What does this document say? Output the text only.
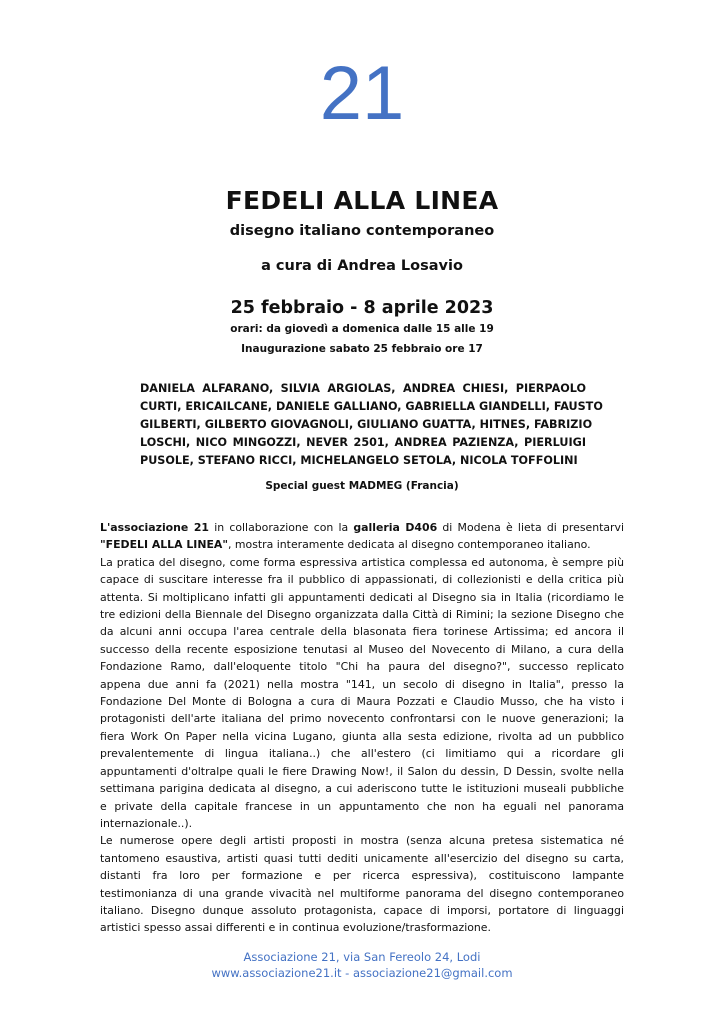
21
FEDELI ALLA LINEA
disegno italiano contemporaneo
a cura di Andrea Losavio
25 febbraio - 8 aprile 2023
orari: da giovedì a domenica dalle 15 alle 19
Inaugurazione sabato 25 febbraio ore 17
DANIELA ALFARANO, SILVIA ARGIOLAS, ANDREA CHIESI, PIERPAOLO
CURTI, ERICAILCANE, DANIELE GALLIANO, GABRIELLA GIANDELLI, FAUSTO
GILBERTI, GILBERTO GIOVAGNOLI, GIULIANO GUATTA, HITNES, FABRIZIO
LOSCHI, NICO MINGOZZI, NEVER 2501, ANDREA PAZIENZA, PIERLUIGI
PUSOLE, STEFANO RICCI, MICHELANGELO SETOLA, NICOLA TOFFOLINI
Special guest MADMEG (Francia)
L'associazione 21 in collaborazione con la galleria D406 di Modena è lieta di presentarvi
"FEDELI ALLA LINEA", mostra interamente dedicata al disegno contemporaneo italiano.
La pratica del disegno, come forma espressiva artistica complessa ed autonoma, è sempre più
capace di suscitare interesse fra il pubblico di appassionati, di collezionisti e della critica più
attenta. Si moltiplicano infatti gli appuntamenti dedicati al Disegno sia in Italia (ricordiamo le
tre edizioni della Biennale del Disegno organizzata dalla Città di Rimini; la sezione Disegno che
da alcuni anni occupa l'area centrale della blasonata fiera torinese Artissima; ed ancora il
successo della recente esposizione tenutasi al Museo del Novecento di Milano, a cura della
Fondazione Ramo, dall'eloquente titolo "Chi ha paura del disegno?", successo replicato
appena due anni fa (2021) nella mostra "141, un secolo di disegno in Italia", presso la
Fondazione Del Monte di Bologna a cura di Maura Pozzati e Claudio Musso, che ha visto i
protagonisti dell'arte italiana del primo novecento confrontarsi con le nuove generazioni; la
fiera Work On Paper nella vicina Lugano, giunta alla sesta edizione, rivolta ad un pubblico
prevalentemente di lingua italiana..) che all'estero (ci limitiamo qui a ricordare gli
appuntamenti d'oltralpe quali le fiere Drawing Now!, il Salon du dessin, D Dessin, svolte nella
settimana parigina dedicata al disegno, a cui aderiscono tutte le istituzioni museali pubbliche
e private della capitale francese in un appuntamento che non ha eguali nel panorama
internazionale..).
Le numerose opere degli artisti proposti in mostra (senza alcuna pretesa sistematica né
tantomeno esaustiva, artisti quasi tutti dediti unicamente all'esercizio del disegno su carta,
distanti fra loro per formazione e per ricerca espressiva), costituiscono lampante
testimonianza di una grande vivacità nel multiforme panorama del disegno contemporaneo
italiano. Disegno dunque assoluto protagonista, capace di imporsi, portatore di linguaggi
artistici spesso assai differenti e in continua evoluzione/trasformazione.
Associazione 21, via San Fereolo 24, Lodi
www.associazione21.it - associazione21@gmail.com
